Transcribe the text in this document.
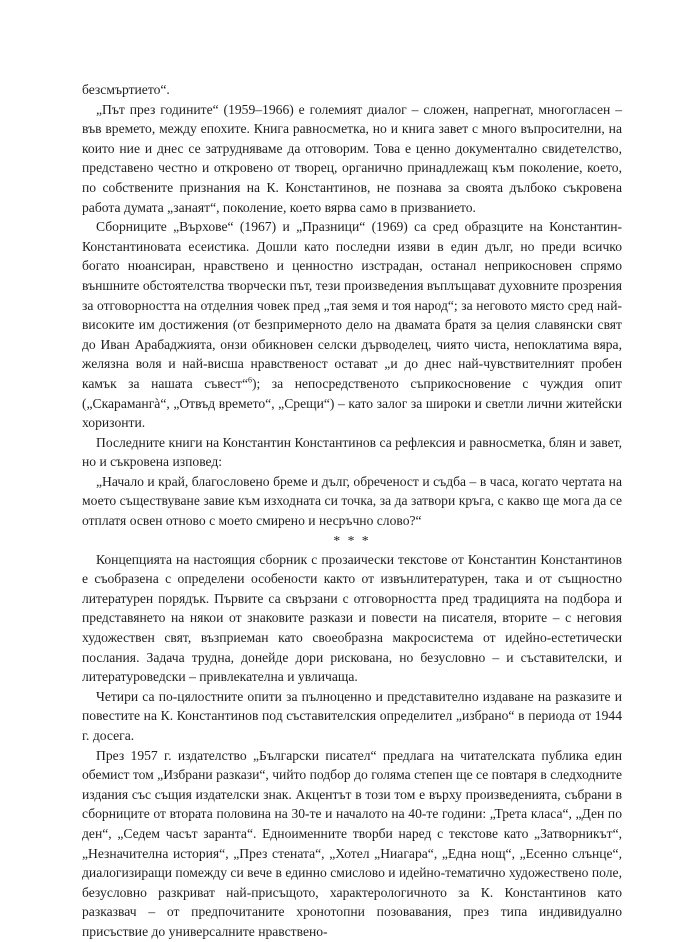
безсмъртието“.

„Път през годините“ (1959–1966) е големият диалог – сложен, напрегнат, многогласен – във времето, между епохите. Книга равносметка, но и книга завет с много въпросителни, на които ние и днес се затрудняваме да отговорим. Това е ценно документално свидетелство, представено честно и откровено от творец, органично принадлежащ към поколение, което, по собствените признания на К. Константинов, не познава за своята дълбоко съкровена работа думата „занаят“, поколение, което вярва само в призванието.

Сборниците „Върхове“ (1967) и „Празници“ (1969) са сред образците на Константин-Константиновата есеистика. Дошли като последни изяви в един дълг, но преди всичко богато нюансиран, нравствено и ценностно изстрадан, останал неприкосновен спрямо външните обстоятелства творчески път, тези произведения въплъщават духовните прозрения за отговорността на отделния човек пред „тая земя и тоя народ“; за неговото място сред най-високите им достижения (от безпримерното дело на двамата братя за целия славянски свят до Иван Арабаджията, онзи обикновен селски дърводелец, чиято чиста, непоклатима вяра, желязна воля и най-висша нравственост остават „и до днес най-чувствителният пробен камък за нашата съвест“$^6$); за непосредственото съприкосновение с чуждия опит („Скарамангà“, „Отвъд времето“, „Срещи“) – като залог за широки и светли лични житейски хоризонти.

Последните книги на Константин Константинов са рефлексия и равносметка, блян и завет, но и съкровена изповед:

„Начало и край, благословено бреме и дълг, обреченост и съдба – в часа, когато чертата на моето съществуване завие към изходната си точка, за да затвори кръга, с какво ще мога да се отплатя освен отново с моето смирено и несръчно слово?“

* * *

Концепцията на настоящия сборник с прозаически текстове от Константин Константинов е съобразена с определени особености както от извънлитературен, така и от същностно литературен порядък. Първите са свързани с отговорността пред традицията на подбора и представянето на някои от знаковите разкази и повести на писателя, вторите – с неговия художествен свят, възприеман като своеобразна макросистема от идейно-естетически послания. Задача трудна, донейде дори рискована, но безусловно – и съставителски, и литературоведски – привлекателна и увличаща.

Четири са по-цялостните опити за пълноценно и представително издаване на разказите и повестите на К. Константинов под съставителския определител „избрано“ в периода от 1944 г. досега.

През 1957 г. издателство „Български писател“ предлага на читателската публика един обемист том „Избрани разкази“, чийто подбор до голяма степен ще се повтаря в следходните издания със същия издателски знак. Акцентът в този том е върху произведенията, събрани в сборниците от втората половина на 30-те и началото на 40-те години: „Трета класа“, „Ден по ден“, „Седем часът заранта“. Едноименните творби наред с текстове като „Затворникът“, „Незначителна история“, „През стената“, „Хотел „Ниагара“, „Една нощ“, „Есенно слънце“, диалогизиращи помежду си вече в единно смислово и идейно-тематично художествено поле, безусловно разкриват най-присъщото, характерологичното за К. Константинов като разказвач – от предпочитаните хронотопни позовавания, през типа индивидуално присъствие до универсалните нравствено-
